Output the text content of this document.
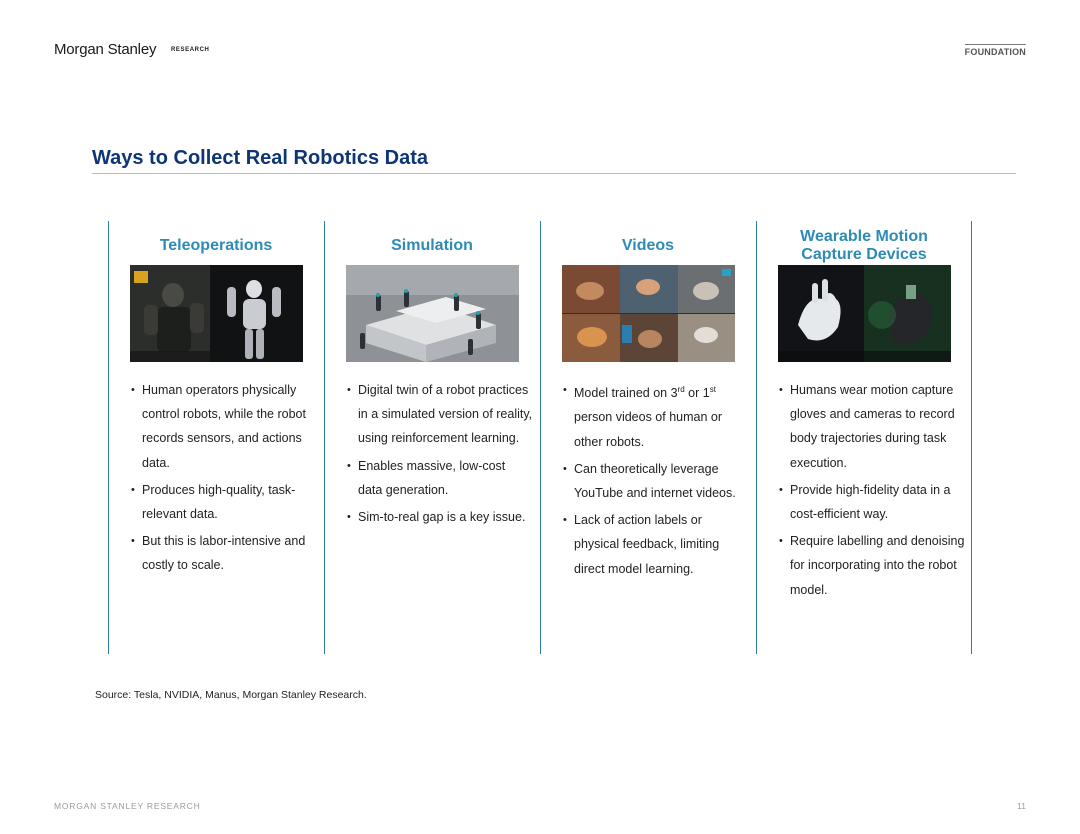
Morgan Stanley RESEARCH	FOUNDATION
Ways to Collect Real Robotics Data
Teleoperations
• Human operators physically control robots, while the robot records sensors, and actions data.
• Produces high-quality, task-relevant data.
• But this is labor-intensive and costly to scale.
Simulation
• Digital twin of a robot practices in a simulated version of reality, using reinforcement learning.
• Enables massive, low-cost data generation.
• Sim-to-real gap is a key issue.
Videos
• Model trained on 3rd or 1st person videos of human or other robots.
• Can theoretically leverage YouTube and internet videos.
• Lack of action labels or physical feedback, limiting direct model learning.
Wearable Motion Capture Devices
• Humans wear motion capture gloves and cameras to record body trajectories during task execution.
• Provide high-fidelity data in a cost-efficient way.
• Require labelling and denoising for incorporating into the robot model.
Source: Tesla, NVIDIA, Manus, Morgan Stanley Research.
MORGAN STANLEY RESEARCH	11
